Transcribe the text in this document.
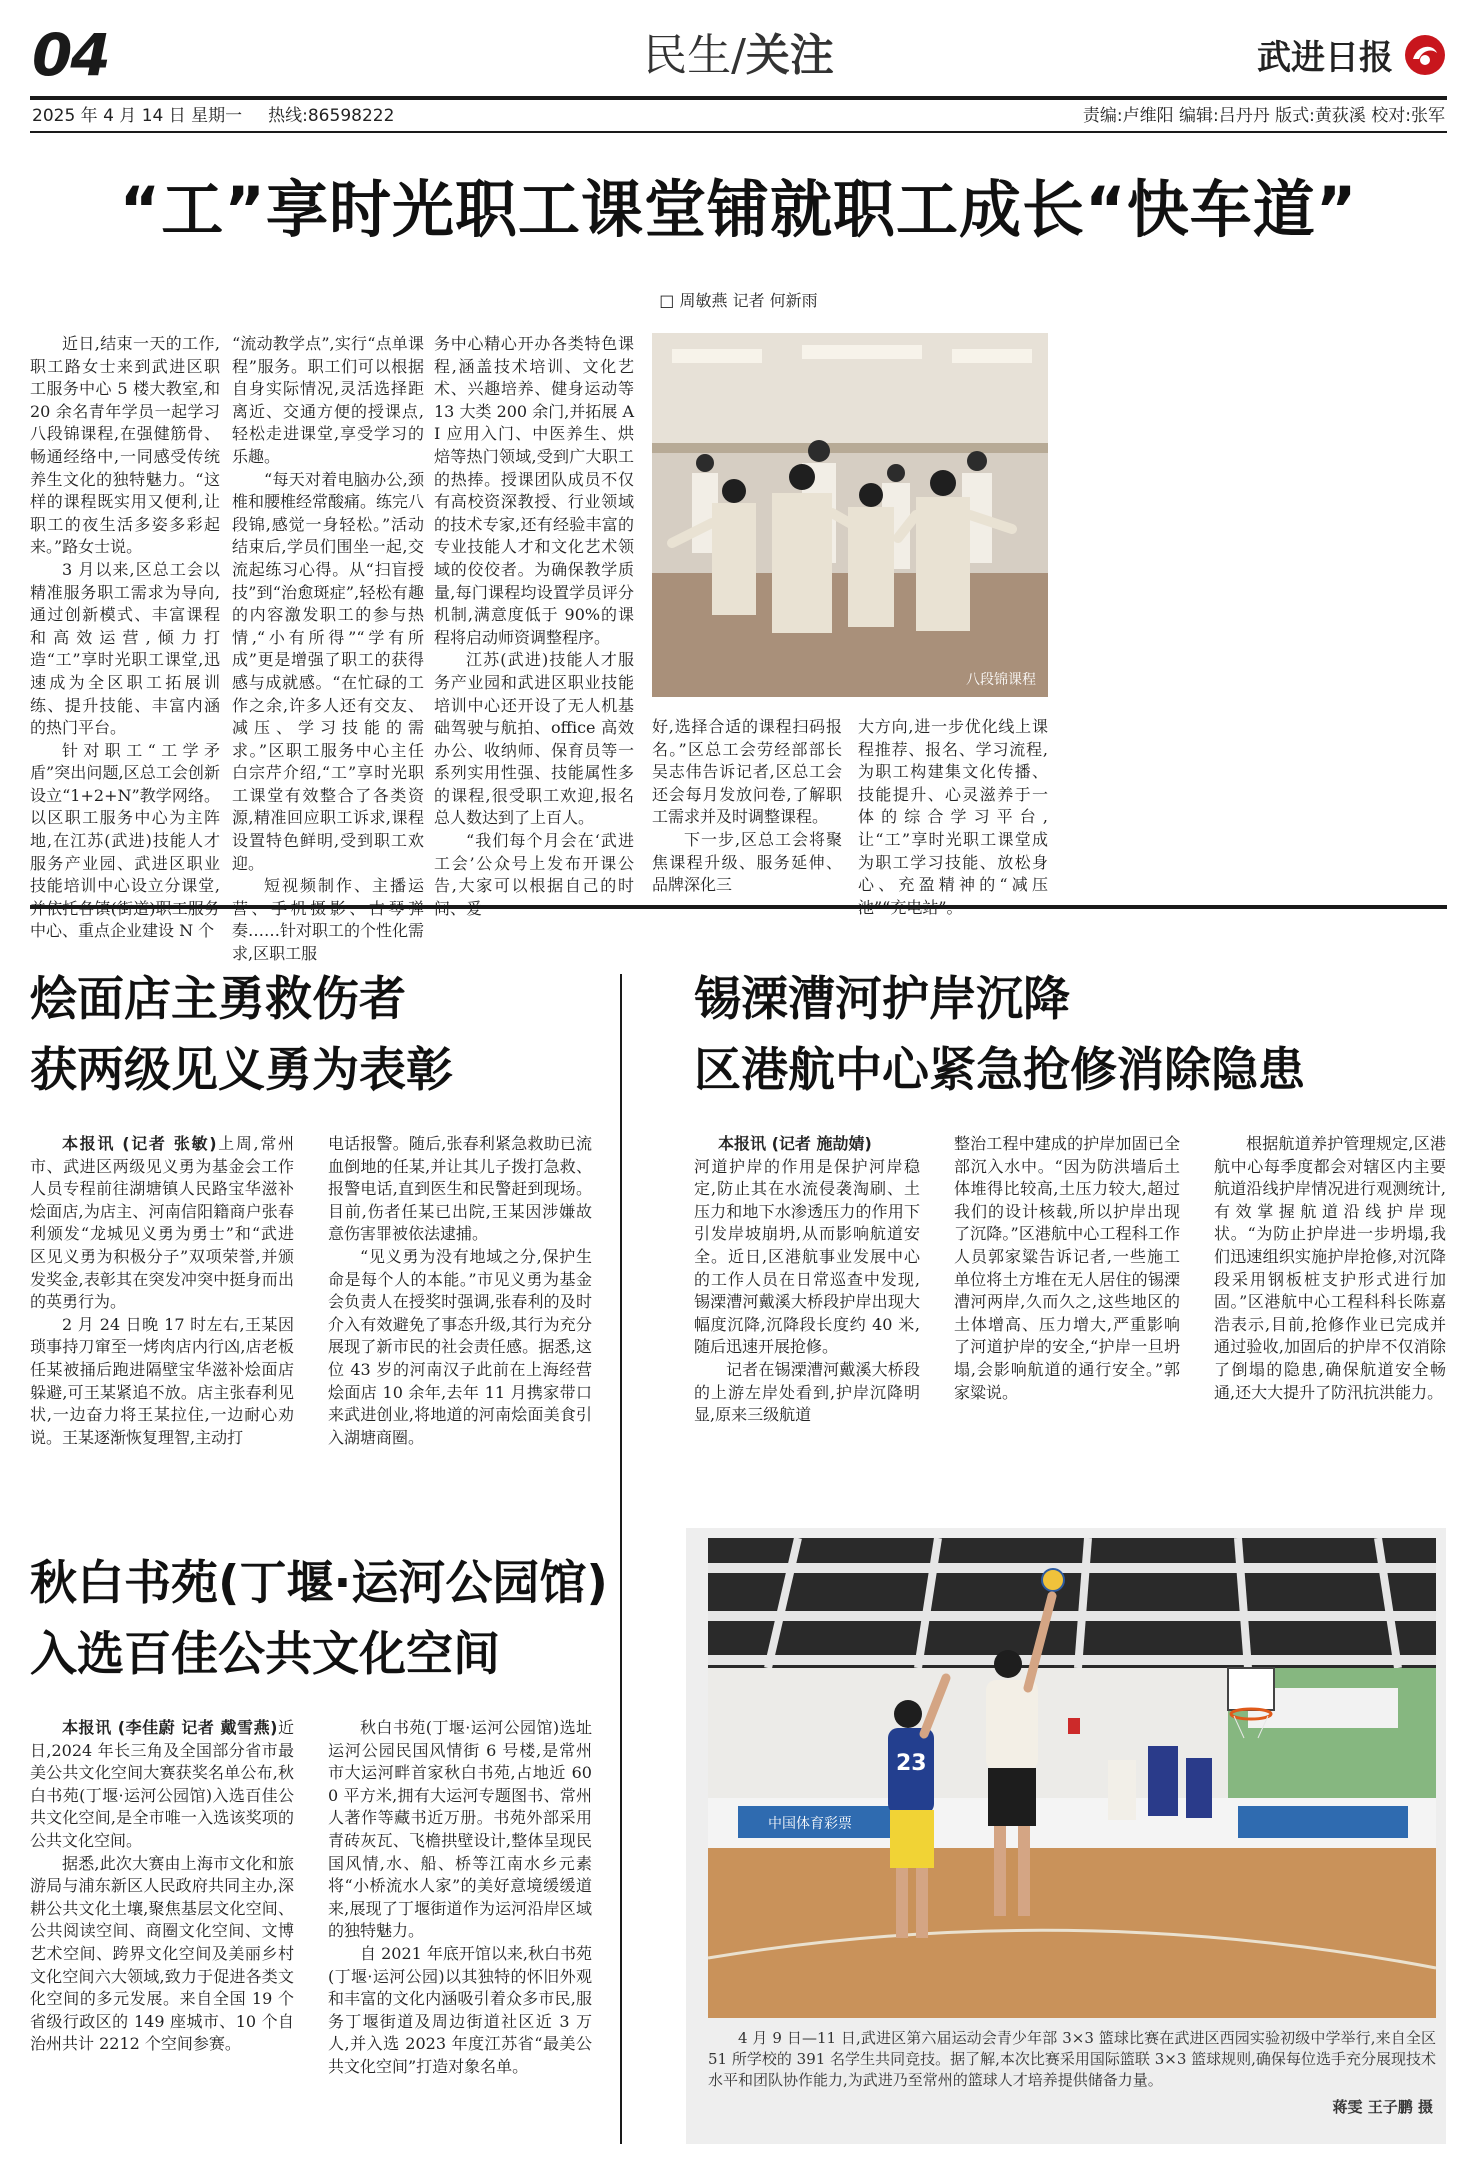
04	民生/关注	武进日报
2025 年 4 月 14 日 星期一 热线:86598222	责编:卢维阳 编辑:吕丹丹 版式:黄荻溪 校对:张军
“工”享时光职工课堂铺就职工成长“快车道”
□ 周敏燕 记者 何新雨

近日,结束一天的工作,职工路女士来到武进区职工服务中心 5 楼大教室,和 20 余名青年学员一起学习八段锦课程,在强健筋骨、畅通经络中,一同感受传统养生文化的独特魅力。“这样的课程既实用又便利,让职工的夜生活多姿多彩起来。”路女士说。

3 月以来,区总工会以精准服务职工需求为导向,通过创新模式、丰富课程和高效运营,倾力打造“工”享时光职工课堂,迅速成为全区职工拓展训练、提升技能、丰富内涵的热门平台。

针对职工“工学矛盾”突出问题,区总工会创新设立“1+2+N”教学网络。以区职工服务中心为主阵地,在江苏(武进)技能人才服务产业园、武进区职业技能培训中心设立分课堂, 中心、重点企业建设 N 个

“流动教学点”,实行“点单课程”服务。职工们可以根据自身实际情况,灵活选择距离近、交通方便的授课点,轻松走进课堂,享受学习的乐趣。

“每天对着电脑办公,颈椎和腰椎经常酸痛。练完八段锦,感觉一身轻松。”活动结束后,学员们围坐一起,交流起练习心得。从“扫盲授技”到“治愈斑症”,轻松有趣的内容激发职工的参与热情,“小有所得”“学有所成”更是增强了职工的获得感与成就感。“在忙碌的工作之余,许多人还有交友、减压、学习技能的需求。”区职工服务中心主任白宗芹介绍,“工”享时光职工课堂有效整合了各类资源,精准回应职工诉求,课程设置特色鲜明,受到职工欢迎。

短视频制作、主播运 奏……针对职工的个性化需求,区职工服

务中心精心开办各类特色课程,涵盖技术培训、文化艺术、兴趣培养、健身运动等 13 大类 200 余门,并拓展 AI 应用入门、中医养生、烘焙等热门领域,受到广大职工的热捧。授课团队成员不仅有高校资深教授、行业领域的技术专家,还有经验丰富的专业技能人才和文化艺术领域的佼佼者。为确保教学质量,每门课程均设置学员评分机制,满意度低于 90%的课程将启动师资调整程序。

江苏(武进)技能人才服务产业园和武进区职业技能培训中心还开设了无人机基础驾驶与航拍、office 高效办公、收纳师、保育员等一系列实用性强、技能属性多的课程,很受职工欢迎,报名总人数达到了上百人。

“我们每个月会在‘武进工会’公众号上发布开课公告,大家可以根据自己的时

八段锦课程

好,选择合适的课程扫码报名。”区总工会劳经部部长吴志伟告诉记者,区总工会还会每月发放问卷,了解职工需求并及时调整课程。

下一步,区总工会将聚焦课程升级、服务延伸、品牌深化三

大方向,进一步优化线上课程推荐、报名、学习流程,为职工构建集文化传播、技能提升、心灵滋养于一体的综合学习平台,让“工”享时光职工课堂成为职工学习技能、放松身心、充盈精神的“减压

烩面店主勇救伤者
获两级见义勇为表彰

本报讯 (记者 张敏)上周,常州市、武进区两级见义勇为基金会工作人员专程前往湖塘镇人民路宝华滋补烩面店,为店主、河南信阳籍商户张春利颁发“龙城见义勇为勇士”和“武进区见义勇为积极分子”双项荣誉,并颁发奖金,表彰其在突发冲突中挺身而出的英勇行为。

2 月 24 日晚 17 时左右,王某因琐事持刀窜至一烤肉店内行凶,店老板任某被捅后跑进隔壁宝华滋补烩面店躲避,可王某紧追不放。店主张春利见状,一边奋力将王某拉住,一边耐心劝说。王某逐渐恢复理智,主动打

电话报警。随后,张春利紧急救助已流血倒地的任某,并让其儿子拨打急救、报警电话,直到医生和民警赶到现场。目前,伤者任某已出院,王某因涉嫌故意伤害罪被依法逮捕。

“见义勇为没有地域之分,保护生命是每个人的本能。”市见义勇为基金会负责人在授奖时强调,张春利的及时介入有效避免了事态升级,其行为充分展现了新市民的社会责任感。据悉,这位 43 岁的河南汉子此前在上海经营烩面店 10 余年,去年 11 月携家带口来武进创业,将地道的河南烩面美食引入湖塘商圈。

锡溧漕河护岸沉降
区港航中心紧急抢修消除隐患

本报讯 (记者 施劼婧)

河道护岸的作用是保护河岸稳定,防止其在水流侵袭淘刷、土压力和地下水渗透压力的作用下引发岸坡崩坍,从而影响航道安全。近日,区港航事业发展中心的工作人员在日常巡查中发现,锡溧漕河戴溪大桥段护岸出现大幅度沉降,沉降段长度约 40 米,随后迅速开展抢修。

记者在锡溧漕河戴溪大桥段的上游左岸处看到,护岸沉降明显,原来三级航道

整治工程中建成的护岸加固已全部沉入水中。“因为防洪墙后土体堆得比较高,土压力较大,超过我们的设计核载,所以护岸出现了沉降。”区港航中心工程科工作人员郭家粱告诉记者,一些施工单位将土方堆在无人居住的锡溧漕河两岸,久而久之,这些地区的土体增高、压力增大,严重影响了河道护岸的安全,“护岸一旦坍塌,会影响航道的通行安全。”郭家粱说。

根据航道养护管理规定,区港航中心每季度都会对辖区内主要航道沿线护岸情况进行观测统计,有效掌握航道沿线护岸现状。“为防止护岸进一步坍塌,我们迅速组织实施护岸抢修,对沉降段采用钢板桩支护形式进行加固。”区港航中心工程科科长陈嘉浩表示,目前,抢修作业已完成并通过验收,加固后的护岸不仅消除了倒塌的隐患,确保航道安全畅通,还大大提升了防汛抗洪能力。

秋白书苑(丁堰·运河公园馆)
入选百佳公共文化空间

本报讯 (李佳蔚 记者 戴雪燕)近日,2024 年长三角及全国部分省市最美公共文化空间大赛获奖名单公布,秋白书苑(丁堰·运河公园馆)入选百佳公共文化空间,是全市唯一入选该奖项的公共文化空间。

据悉,此次大赛由上海市文化和旅游局与浦东新区人民政府共同主办,深耕公共文化土壤,聚焦基层文化空间、公共阅读空间、商圈文化空间、文博艺术空间、跨界文化空间及美丽乡村文化空间六大领域,致力于促进各类文化空间的多元发展。来自全国 19 个省级行政区的 149 座城市、10 个自治州共计 2212 个空间参赛。

秋白书苑(丁堰·运河公园馆)选址运河公园民国风情街 6 号楼,是常州市大运河畔首家秋白书苑,占地近 600 平方米,拥有大运河专题图书、常州人著作等藏书近万册。书苑外部采用青砖灰瓦、飞檐拱壁设计,整体呈现民国风情,水、船、桥等江南水乡元素将“小桥流水人家”的美好意境缓缓道来,展现了丁堰街道作为运河沿岸区域的独特魅力。

自 2021 年底开馆以来,秋白书苑(丁堰·运河公园)以其独特的怀旧外观和丰富的文化内涵吸引着众多市民,服务丁堰街道及周边街道社区近 3 万人,并入选 2023 年度江苏省“最美公共文化空间”打造对象名单。

中国体育彩票
23
4 月 9 日—11 日,武进区第六届运动会青少年部 3×3 篮球比赛在武进区西园实验初级中学举行,来自全区 51 所学校的 391 名学生共同竞技。据了解,本次比赛采用国际篮联 3×3 篮球规则,确保每位选手充分展现技术水平和团队协作能力,为武进乃至常州的篮球人才培养提供储备力量。
蒋雯 王子鹏 摄
